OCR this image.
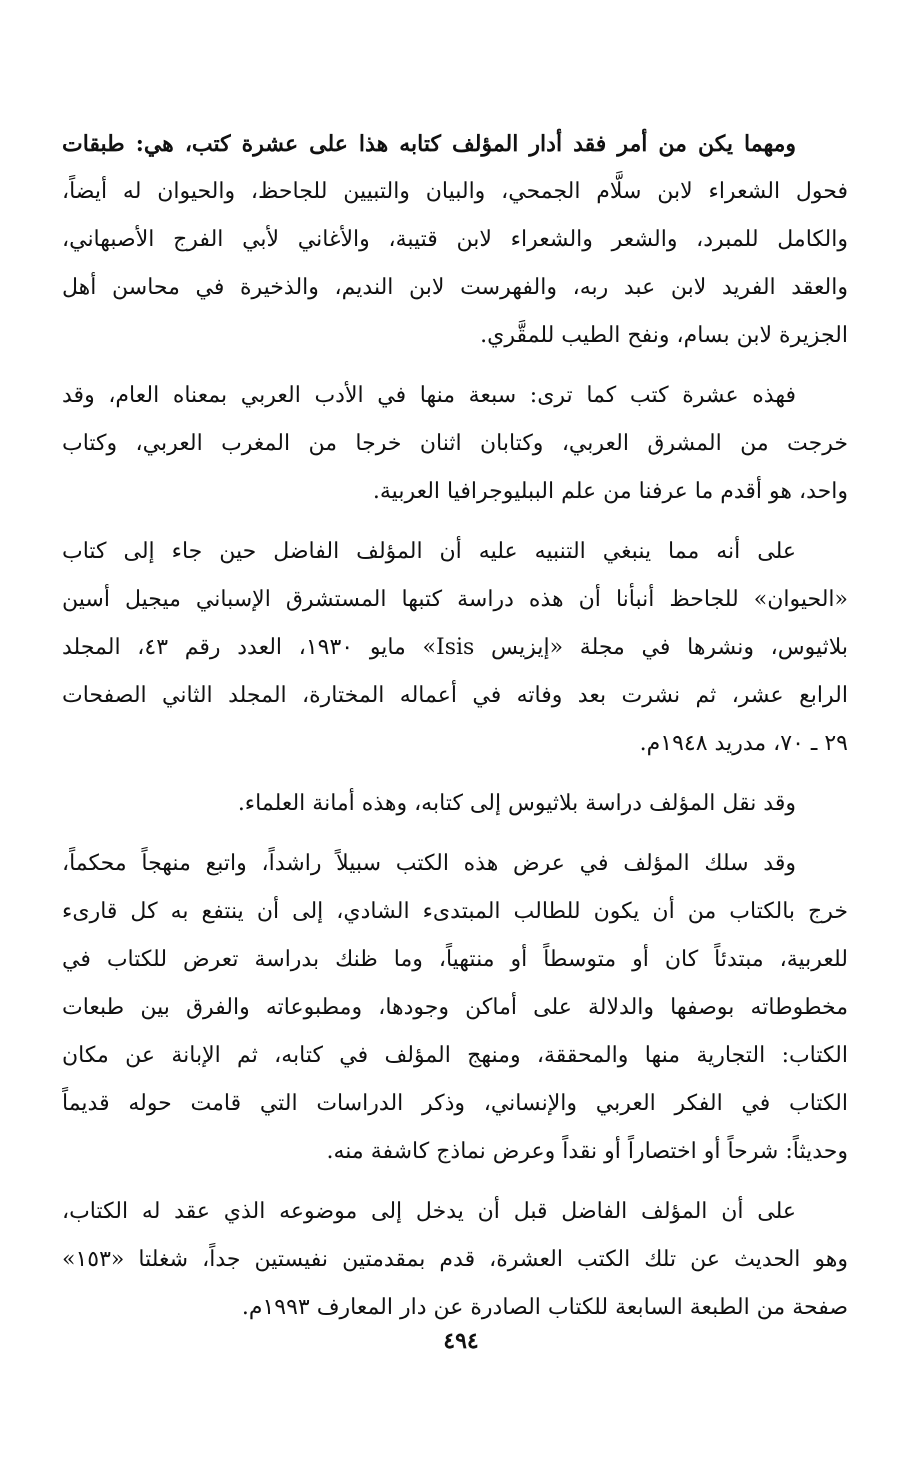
ومهما يكن من أمر فقد أدار المؤلف كتابه هذا على عشرة كتب، هي: طبقات
فحول الشعراء لابن سلَّام الجمحي، والبيان والتبيين للجاحظ، والحيوان له أيضاً،
والكامل للمبرد، والشعر والشعراء لابن قتيبة، والأغاني لأبي الفرج الأصبهاني،
والعقد الفريد لابن عبد ربه، والفهرست لابن النديم، والذخيرة في محاسن أهل
الجزيرة لابن بسام، ونفح الطيب للمقَّري.
فهذه عشرة كتب كما ترى: سبعة منها في الأدب العربي بمعناه العام، وقد
خرجت من المشرق العربي، وكتابان اثنان خرجا من المغرب العربي، وكتاب
واحد، هو أقدم ما عرفنا من علم الببليوجرافيا العربية.
على أنه مما ينبغي التنبيه عليه أن المؤلف الفاضل حين جاء إلى كتاب
«الحيوان» للجاحظ أنبأنا أن هذه دراسة كتبها المستشرق الإسباني ميجيل أسين
بلاثيوس، ونشرها في مجلة «إيزيس Isis» مايو ١٩٣٠، العدد رقم ٤٣، المجلد
الرابع عشر، ثم نشرت بعد وفاته في أعماله المختارة، المجلد الثاني الصفحات
٢٩ ـ ٧٠، مدريد ١٩٤٨م.
وقد نقل المؤلف دراسة بلاثيوس إلى كتابه، وهذه أمانة العلماء.
وقد سلك المؤلف في عرض هذه الكتب سبيلاً راشداً، واتبع منهجاً محكماً،
خرج بالكتاب من أن يكون للطالب المبتدىء الشادي، إلى أن ينتفع به كل قارىء
للعربية، مبتدئاً كان أو متوسطاً أو منتهياً، وما ظنك بدراسة تعرض للكتاب في
مخطوطاته بوصفها والدلالة على أماكن وجودها، ومطبوعاته والفرق بين طبعات
الكتاب: التجارية منها والمحققة، ومنهج المؤلف في كتابه، ثم الإبانة عن مكان
الكتاب في الفكر العربي والإنساني، وذكر الدراسات التي قامت حوله قديماً
وحديثاً: شرحاً أو اختصاراً أو نقداً وعرض نماذج كاشفة منه.
على أن المؤلف الفاضل قبل أن يدخل إلى موضوعه الذي عقد له الكتاب،
وهو الحديث عن تلك الكتب العشرة، قدم بمقدمتين نفيستين جداً، شغلتا «١٥٣»
صفحة من الطبعة السابعة للكتاب الصادرة عن دار المعارف ١٩٩٣م.
٤٩٤
